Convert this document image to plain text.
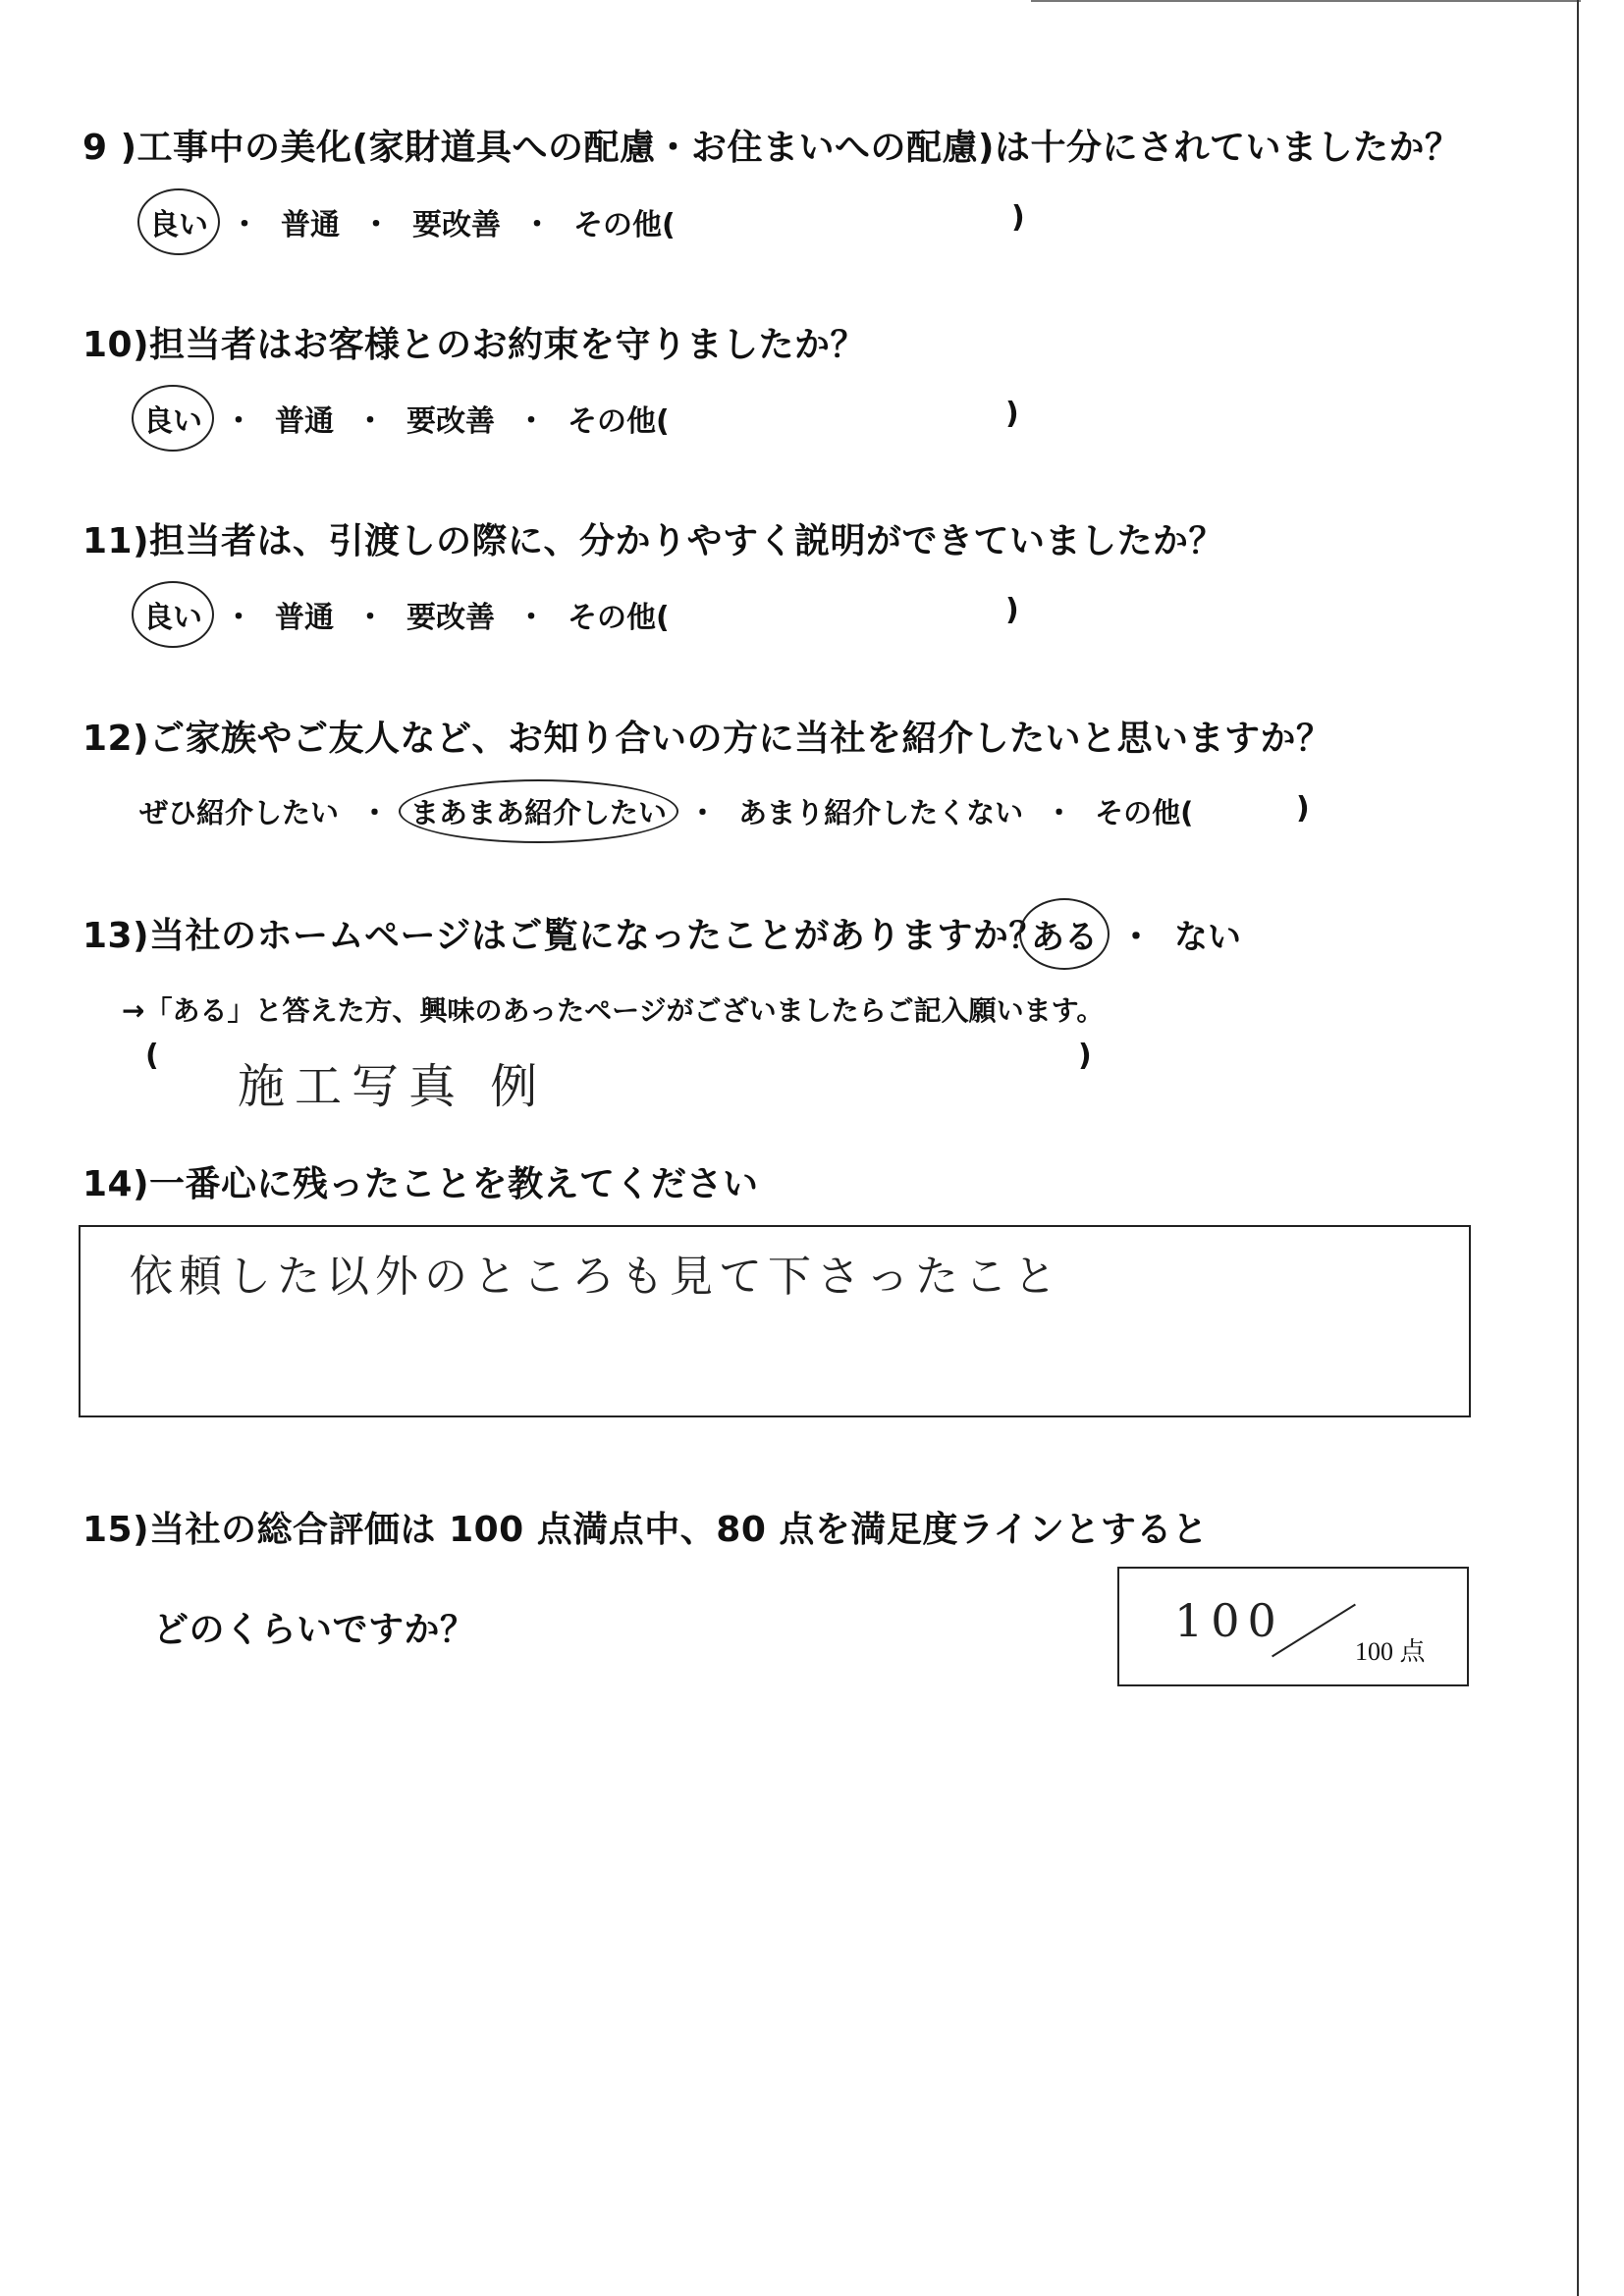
9 )工事中の美化(家財道具への配慮・お住まいへの配慮)は十分にされていましたか？
良い ・ 普通 ・ 要改善 ・ その他(	)
10)担当者はお客様とのお約束を守りましたか？
良い ・ 普通 ・ 要改善 ・ その他(	)
11)担当者は、引渡しの際に、分かりやすく説明ができていましたか？
良い ・ 普通 ・ 要改善 ・ その他(	)
12)ご家族やご友人など、お知り合いの方に当社を紹介したいと思いますか？
ぜひ紹介したい ・ まあまあ紹介したい ・ あまり紹介したくない ・ その他(	)
13)当社のホームページはご覧になったことがありますか？
ある ・ ない
→「ある」と答えた方、興味のあったページがございましたらご記入願います。
(
施工写真 例
)
14)一番心に残ったことを教えてください
依頼した以外のところも見て下さったこと
15)当社の総合評価は 100 点満点中、80 点を満足度ラインとすると
どのくらいですか？	100
100 点
